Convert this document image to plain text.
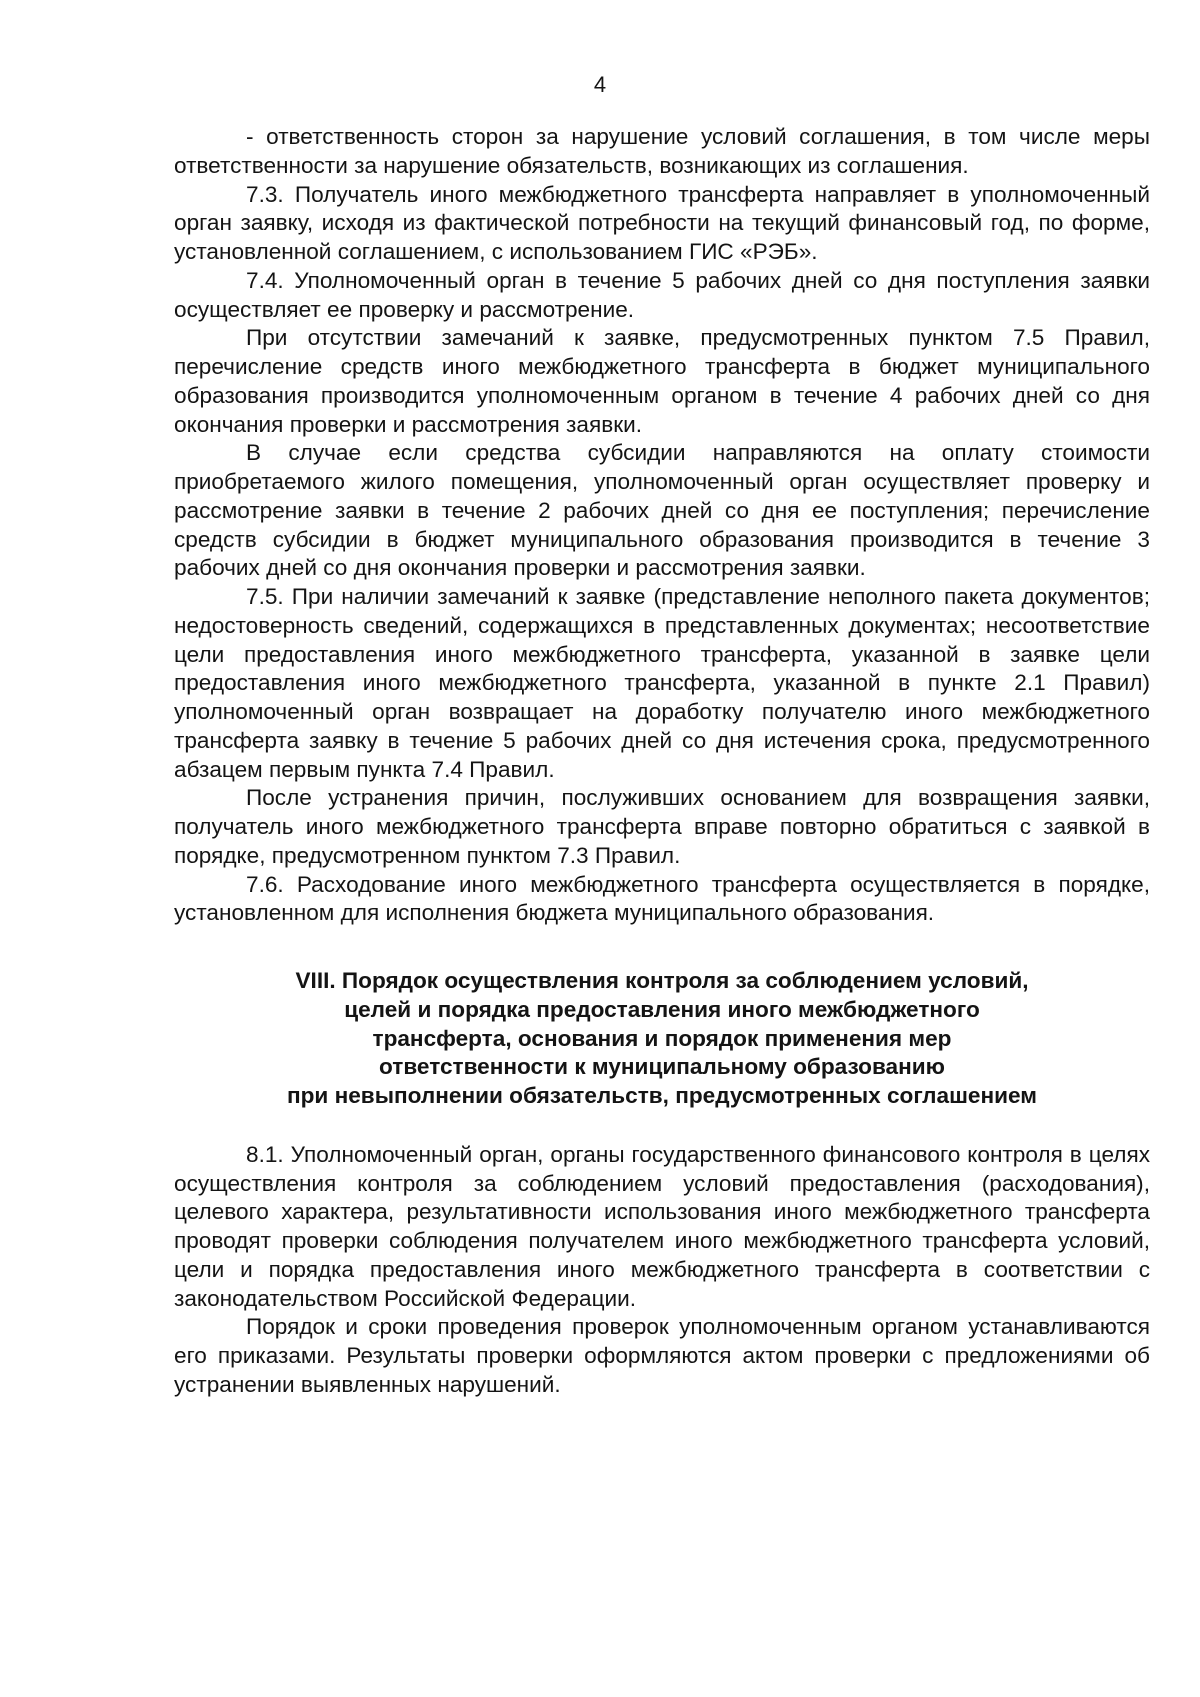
4

- ответственность сторон за нарушение условий соглашения, в том числе меры ответственности за нарушение обязательств, возникающих из соглашения.

7.3. Получатель иного межбюджетного трансферта направляет в уполномоченный орган заявку, исходя из фактической потребности на текущий финансовый год, по форме, установленной соглашением, с использованием ГИС «РЭБ».

7.4. Уполномоченный орган в течение 5 рабочих дней со дня поступления заявки осуществляет ее проверку и рассмотрение.

При отсутствии замечаний к заявке, предусмотренных пунктом 7.5 Правил, перечисление средств иного межбюджетного трансферта в бюджет муниципального образования производится уполномоченным органом в течение 4 рабочих дней со дня окончания проверки и рассмотрения заявки.

В случае если средства субсидии направляются на оплату стоимости приобретаемого жилого помещения, уполномоченный орган осуществляет проверку и рассмотрение заявки в течение 2 рабочих дней со дня ее поступления; перечисление средств субсидии в бюджет муниципального образования производится в течение 3 рабочих дней со дня окончания проверки и рассмотрения заявки.

7.5. При наличии замечаний к заявке (представление неполного пакета документов; недостоверность сведений, содержащихся в представленных документах; несоответствие цели предоставления иного межбюджетного трансферта, указанной в заявке цели предоставления иного межбюджетного трансферта, указанной в пункте 2.1 Правил) уполномоченный орган возвращает на доработку получателю иного межбюджетного трансферта заявку в течение 5 рабочих дней со дня истечения срока, предусмотренного абзацем первым пункта 7.4 Правил.

После устранения причин, послуживших основанием для возвращения заявки, получатель иного межбюджетного трансферта вправе повторно обратиться с заявкой в порядке, предусмотренном пунктом 7.3 Правил.

7.6. Расходование иного межбюджетного трансферта осуществляется в порядке, установленном для исполнения бюджета муниципального образования.

VIII. Порядок осуществления контроля за соблюдением условий,
целей и порядка предоставления иного межбюджетного
трансферта, основания и порядок применения мер
ответственности к муниципальному образованию
при невыполнении обязательств, предусмотренных соглашением

8.1. Уполномоченный орган, органы государственного финансового контроля в целях осуществления контроля за соблюдением условий предоставления (расходования), целевого характера, результативности использования иного межбюджетного трансферта проводят проверки соблюдения получателем иного межбюджетного трансферта условий, цели и порядка предоставления иного межбюджетного трансферта в соответствии с законодательством Российской Федерации.

Порядок и сроки проведения проверок уполномоченным органом устанавливаются его приказами. Результаты проверки оформляются актом проверки с предложениями об устранении выявленных нарушений.
